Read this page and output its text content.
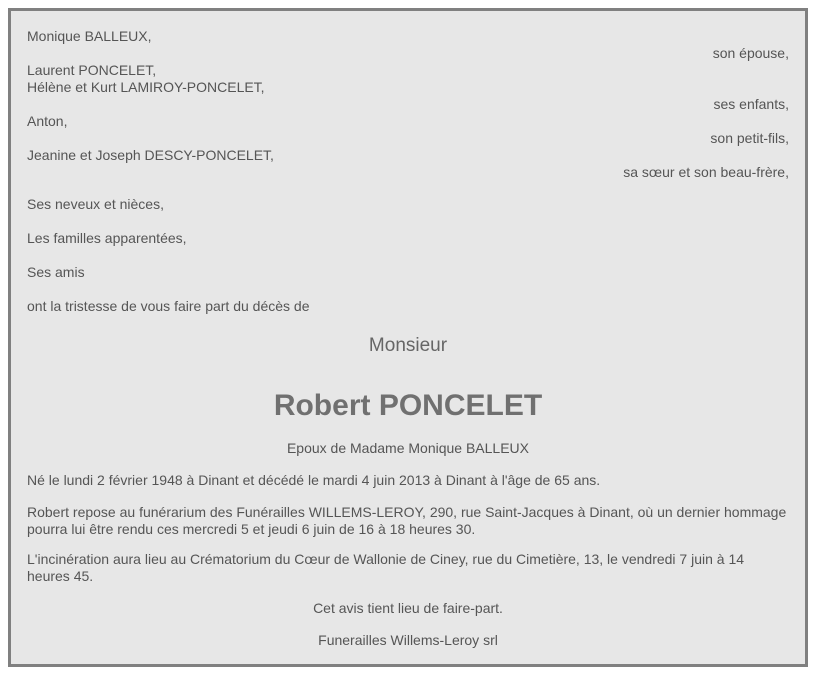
Monique BALLEUX,
son épouse,
Laurent PONCELET,
Hélène et Kurt LAMIROY-PONCELET,
ses enfants,
Anton,
son petit-fils,
Jeanine et Joseph DESCY-PONCELET,
sa sœur et son beau-frère,
Ses neveux et nièces,
Les familles apparentées,
Ses amis
ont la tristesse de vous faire part du décès de
Monsieur
Robert PONCELET
Epoux de Madame Monique BALLEUX
Né le lundi 2 février 1948 à Dinant et décédé le mardi 4 juin 2013 à Dinant à l'âge de 65 ans.
Robert repose au funérarium des Funérailles WILLEMS-LEROY, 290, rue Saint-Jacques à Dinant, où un dernier hommage pourra lui être rendu ces mercredi 5 et jeudi 6 juin de 16 à 18 heures 30.
L'incinération aura lieu au Crématorium du Cœur de Wallonie de Ciney, rue du Cimetière, 13, le vendredi 7 juin à 14 heures 45.
Cet avis tient lieu de faire-part.
Funerailles Willems-Leroy srl
